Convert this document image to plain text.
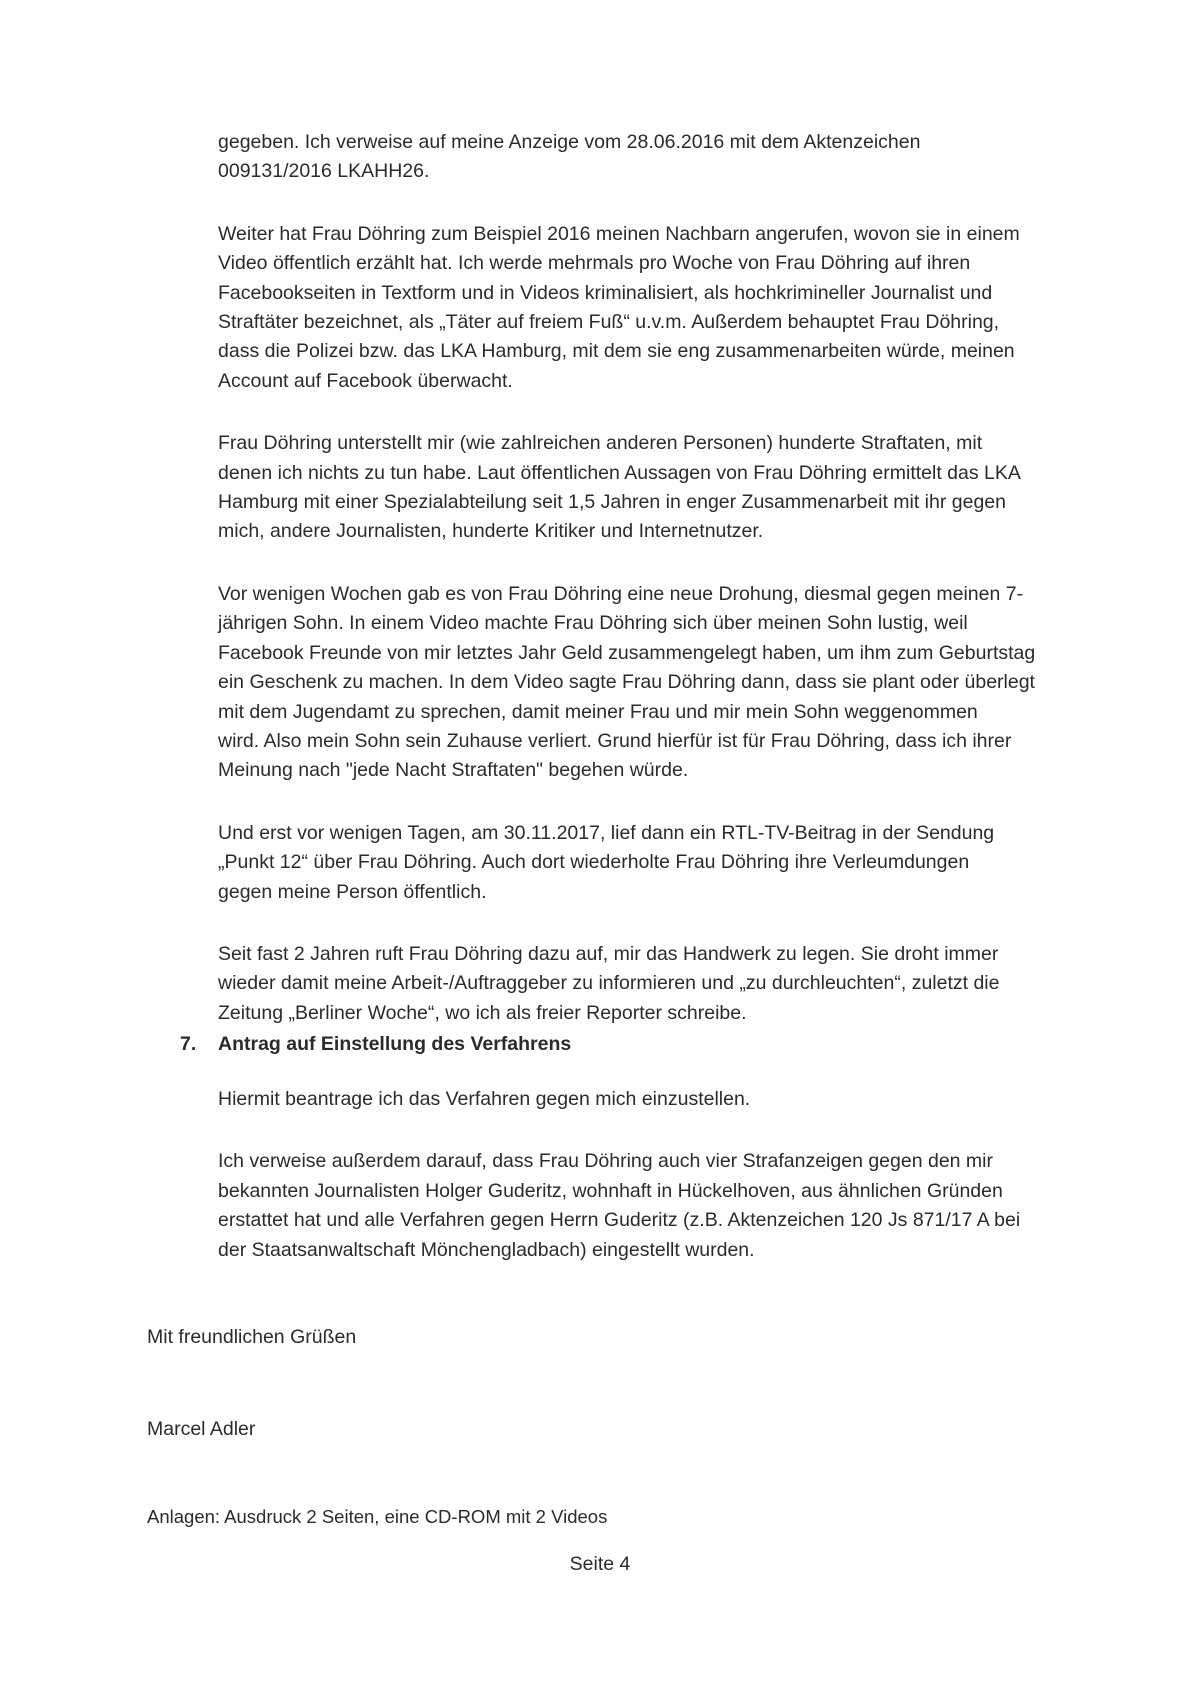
gegeben. Ich verweise auf meine Anzeige vom 28.06.2016 mit dem Aktenzeichen
009131/2016 LKAHH26.

Weiter hat Frau Döhring zum Beispiel 2016 meinen Nachbarn angerufen, wovon sie in einem
Video öffentlich erzählt hat. Ich werde mehrmals pro Woche von Frau Döhring auf ihren
Facebookseiten in Textform und in Videos kriminalisiert, als hochkrimineller Journalist und
Straftäter bezeichnet, als „Täter auf freiem Fuß“ u.v.m. Außerdem behauptet Frau Döhring,
dass die Polizei bzw. das LKA Hamburg, mit dem sie eng zusammenarbeiten würde, meinen
Account auf Facebook überwacht.

Frau Döhring unterstellt mir (wie zahlreichen anderen Personen) hunderte Straftaten, mit
denen ich nichts zu tun habe. Laut öffentlichen Aussagen von Frau Döhring ermittelt das LKA
Hamburg mit einer Spezialabteilung seit 1,5 Jahren in enger Zusammenarbeit mit ihr gegen
mich, andere Journalisten, hunderte Kritiker und Internetnutzer.

Vor wenigen Wochen gab es von Frau Döhring eine neue Drohung, diesmal gegen meinen 7-
jährigen Sohn. In einem Video machte Frau Döhring sich über meinen Sohn lustig, weil
Facebook Freunde von mir letztes Jahr Geld zusammengelegt haben, um ihm zum Geburtstag
ein Geschenk zu machen. In dem Video sagte Frau Döhring dann, dass sie plant oder überlegt
mit dem Jugendamt zu sprechen, damit meiner Frau und mir mein Sohn weggenommen
wird. Also mein Sohn sein Zuhause verliert. Grund hierfür ist für Frau Döhring, dass ich ihrer
Meinung nach "jede Nacht Straftaten" begehen würde.

Und erst vor wenigen Tagen, am 30.11.2017, lief dann ein RTL-TV-Beitrag in der Sendung
„Punkt 12“ über Frau Döhring. Auch dort wiederholte Frau Döhring ihre Verleumdungen
gegen meine Person öffentlich.

Seit fast 2 Jahren ruft Frau Döhring dazu auf, mir das Handwerk zu legen. Sie droht immer
wieder damit meine Arbeit-/Auftraggeber zu informieren und „zu durchleuchten“, zuletzt die
Zeitung „Berliner Woche“, wo ich als freier Reporter schreibe.

7. Antrag auf Einstellung des Verfahrens

Hiermit beantrage ich das Verfahren gegen mich einzustellen.

Ich verweise außerdem darauf, dass Frau Döhring auch vier Strafanzeigen gegen den mir
bekannten Journalisten Holger Guderitz, wohnhaft in Hückelhoven, aus ähnlichen Gründen
erstattet hat und alle Verfahren gegen Herrn Guderitz (z.B. Aktenzeichen 120 Js 871/17 A bei
der Staatsanwaltschaft Mönchengladbach) eingestellt wurden.

Mit freundlichen Grüßen
Marcel Adler
Anlagen: Ausdruck 2 Seiten, eine CD-ROM mit 2 Videos
Seite 4
